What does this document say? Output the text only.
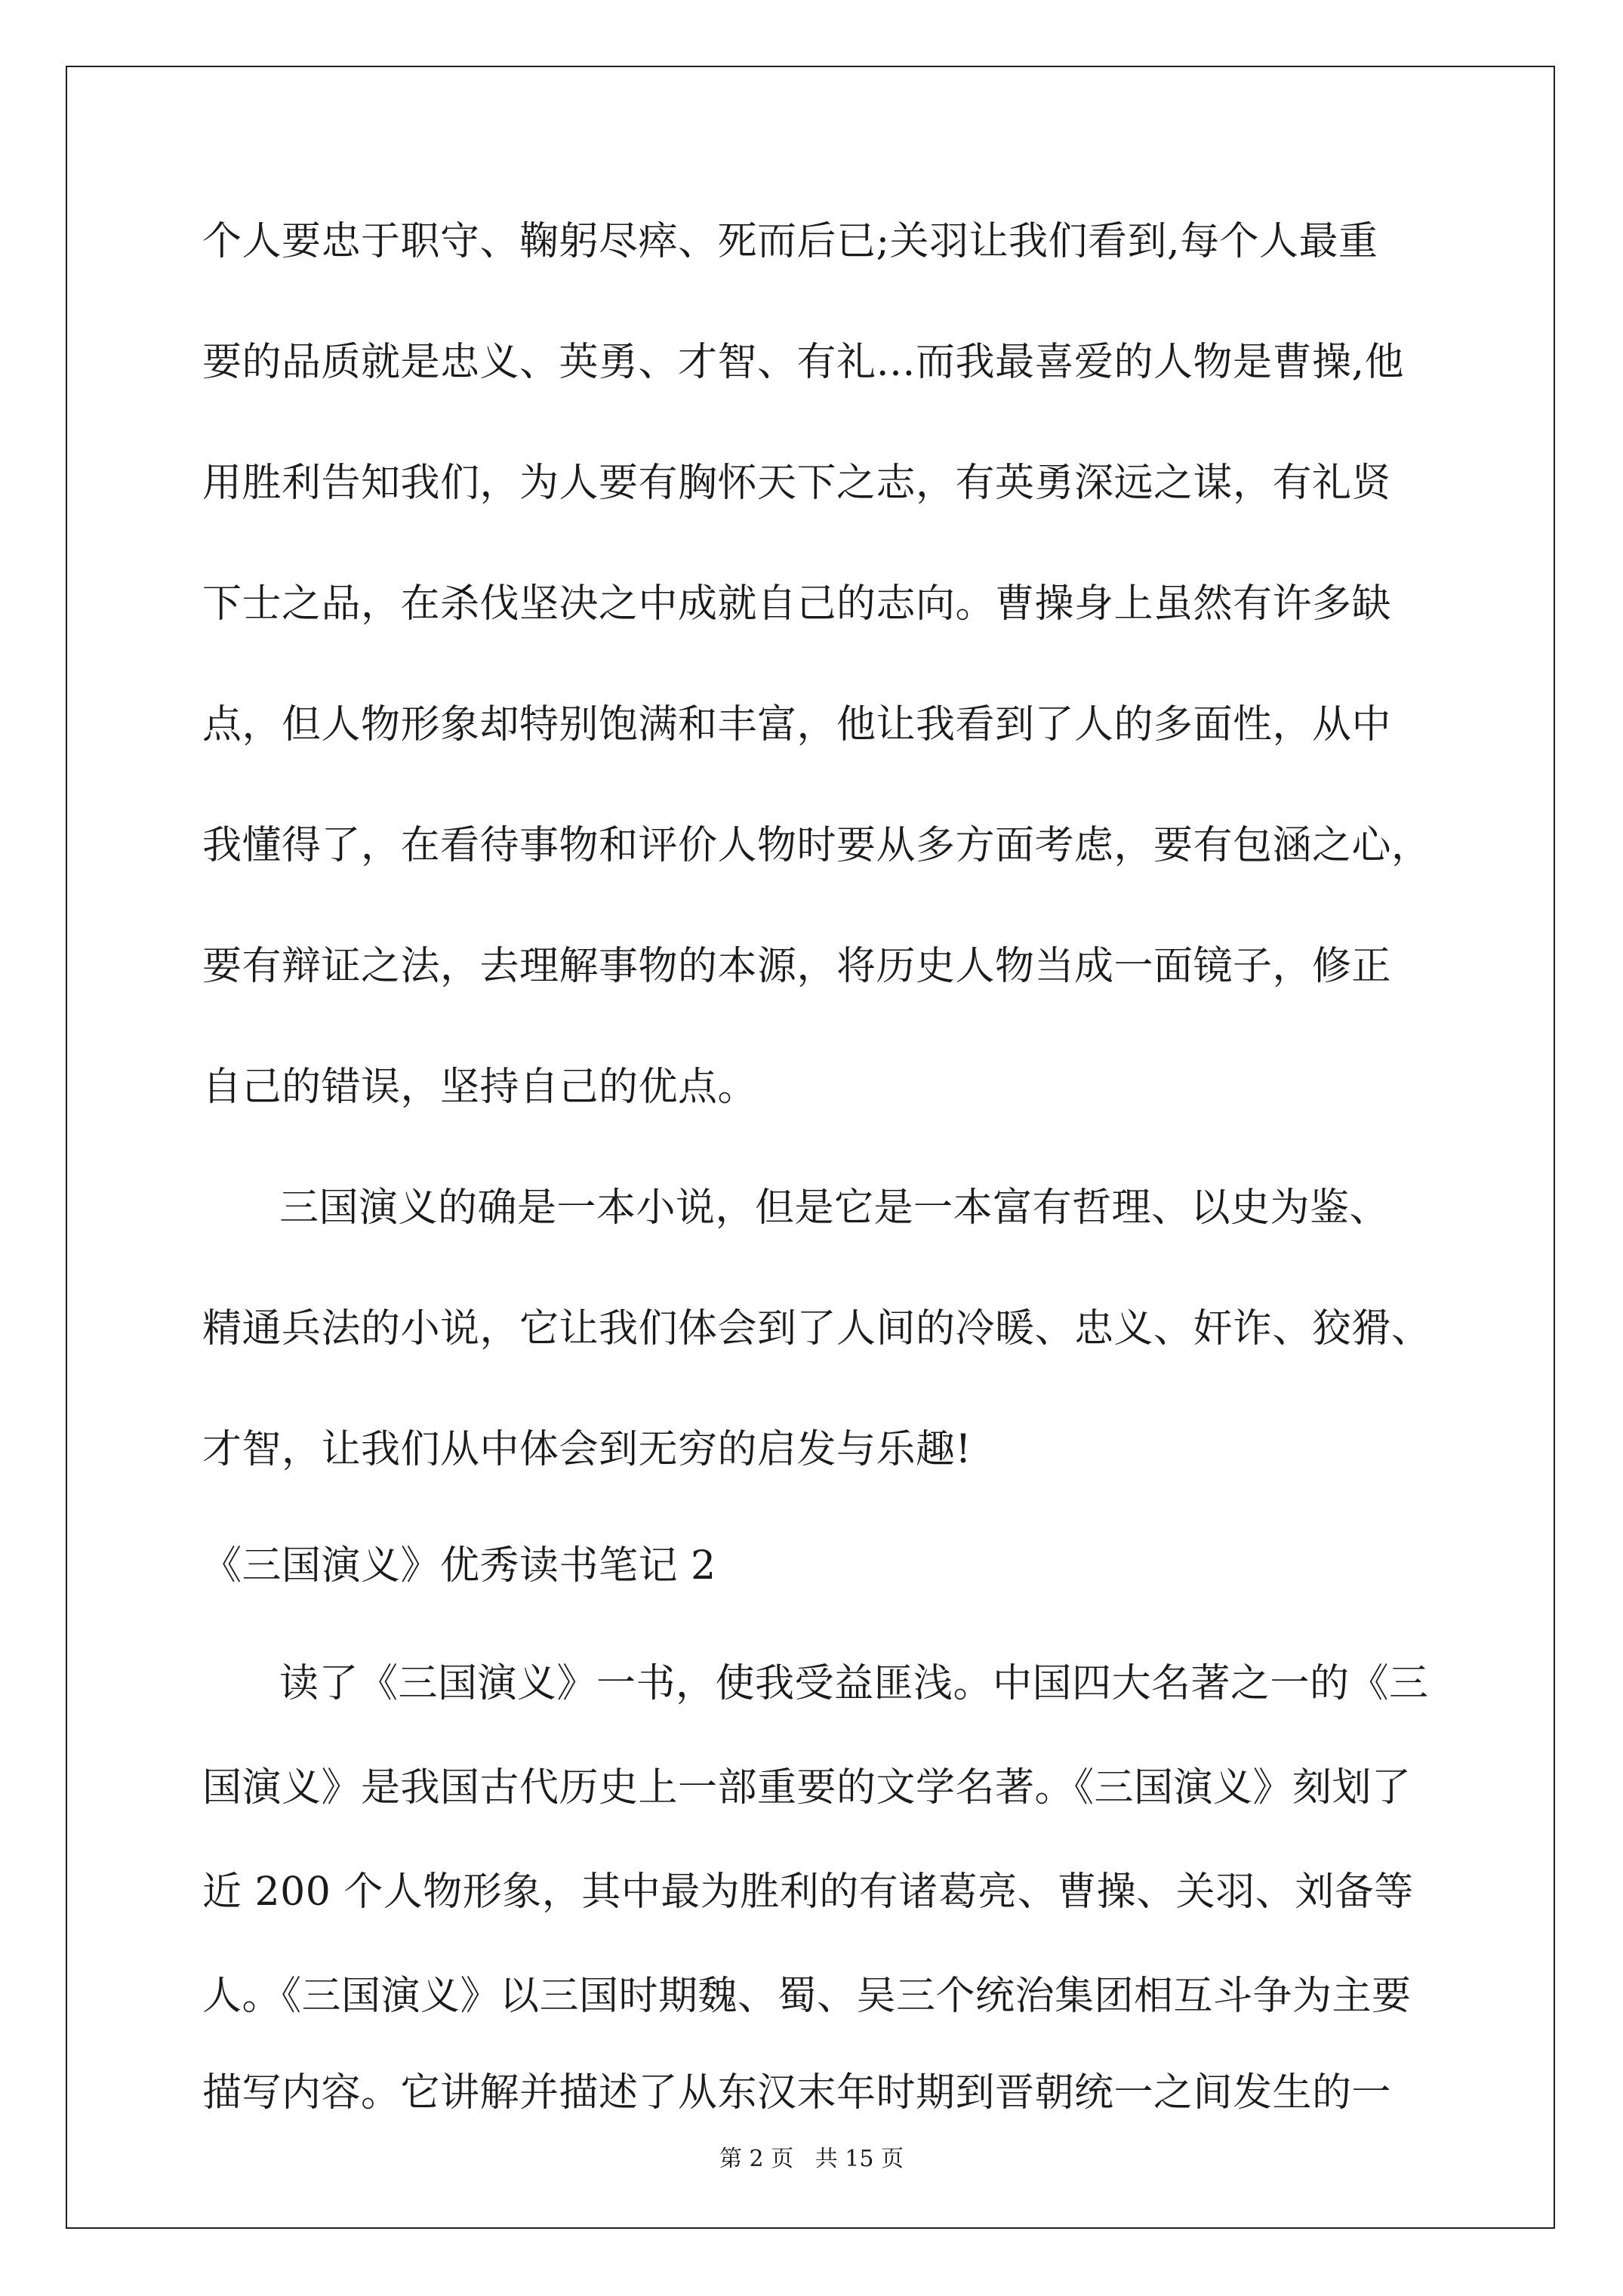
个人要忠于职守、鞠躬尽瘁、死而后已;关羽让我们看到,每个人最重
要的品质就是忠义、英勇、才智、有礼…而我最喜爱的人物是曹操,他
用胜利告知我们，为人要有胸怀天下之志，有英勇深远之谋，有礼贤
下士之品，在杀伐坚决之中成就自己的志向。曹操身上虽然有许多缺
点，但人物形象却特别饱满和丰富，他让我看到了人的多面性，从中
我懂得了，在看待事物和评价人物时要从多方面考虑，要有包涵之心，
要有辩证之法，去理解事物的本源，将历史人物当成一面镜子，修正
自己的错误，坚持自己的优点。
三国演义的确是一本小说，但是它是一本富有哲理、以史为鉴、
精通兵法的小说，它让我们体会到了人间的冷暖、忠义、奸诈、狡猾、
才智，让我们从中体会到无穷的启发与乐趣!
《三国演义》优秀读书笔记 2
读了《三国演义》一书，使我受益匪浅。中国四大名著之一的《三
国演义》是我国古代历史上一部重要的文学名著。《三国演义》刻划了
近 200 个人物形象，其中最为胜利的有诸葛亮、曹操、关羽、刘备等
人。《三国演义》以三国时期魏、蜀、吴三个统治集团相互斗争为主要
第 2 页   共 15 页
描写内容。它讲解并描述了从东汉末年时期到晋朝统一之间发生的一
